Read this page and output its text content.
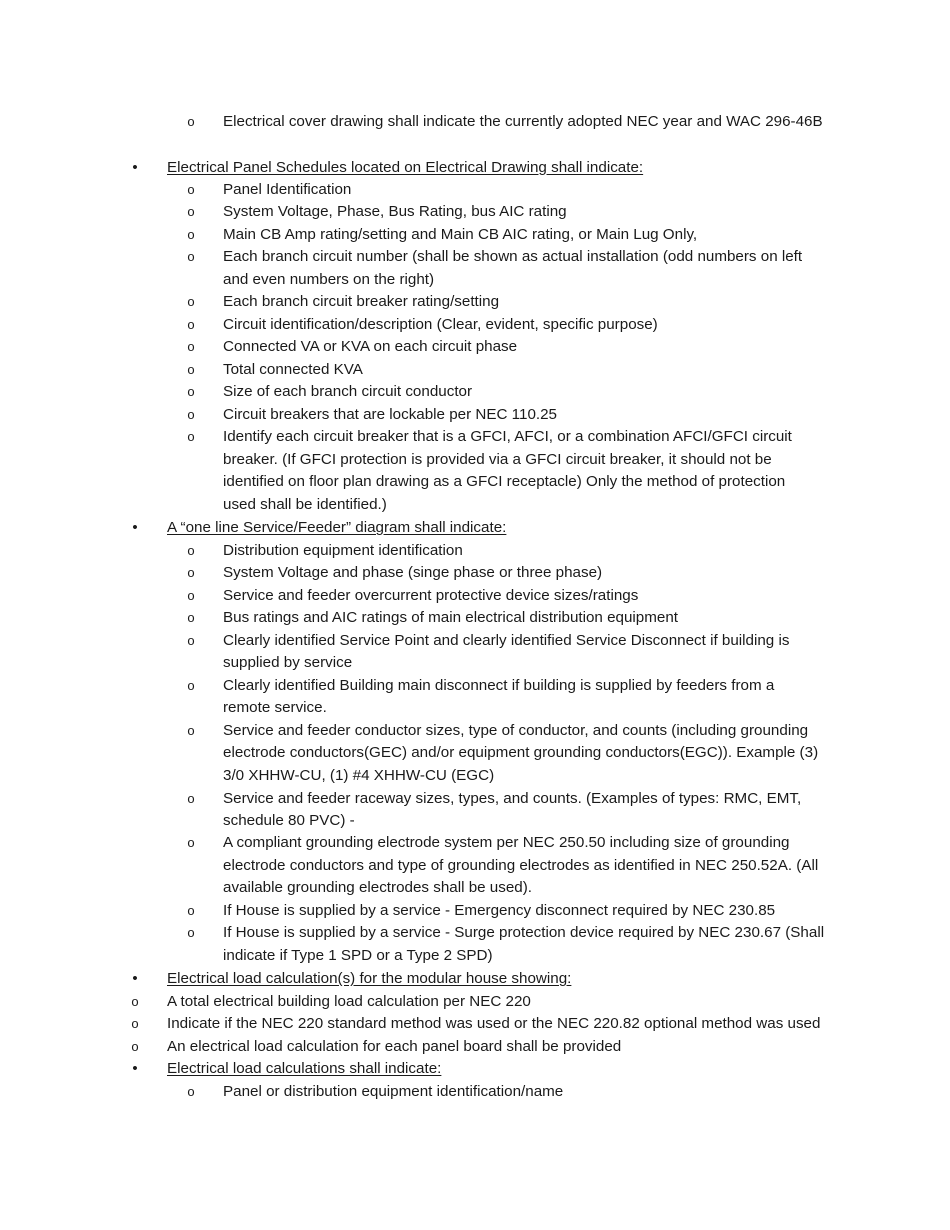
o	Electrical cover drawing shall indicate the currently adopted NEC year and WAC 296-46B
•	Electrical Panel Schedules located on Electrical Drawing shall indicate:
o	Panel Identification
o	System Voltage, Phase, Bus Rating, bus AIC rating
o	Main CB Amp rating/setting and Main CB AIC rating, or Main Lug Only,
o	Each branch circuit number (shall be shown as actual installation (odd numbers on left
and even numbers on the right)
o	Each branch circuit breaker rating/setting
o	Circuit identification/description (Clear, evident, specific purpose)
o	Connected VA or KVA on each circuit phase
o	Total connected KVA
o	Size of each branch circuit conductor
o	Circuit breakers that are lockable per NEC 110.25
o	Identify each circuit breaker that is a GFCI, AFCI, or a combination AFCI/GFCI circuit
breaker. (If GFCI protection is provided via a GFCI circuit breaker, it should not be
identified on floor plan drawing as a GFCI receptacle) Only the method of protection
used shall be identified.)
•	A “one line Service/Feeder” diagram shall indicate:
o	Distribution equipment identification
o	System Voltage and phase (singe phase or three phase)
o	Service and feeder overcurrent protective device sizes/ratings
o	Bus ratings and AIC ratings of main electrical distribution equipment
o	Clearly identified Service Point and clearly identified Service Disconnect if building is
supplied by service
o	Clearly identified Building main disconnect if building is supplied by feeders from a
remote service.
o	Service and feeder conductor sizes, type of conductor, and counts (including grounding
electrode conductors(GEC) and/or equipment grounding conductors(EGC)). Example (3)
3/0 XHHW-CU, (1) #4 XHHW-CU (EGC)
o	Service and feeder raceway sizes, types, and counts. (Examples of types: RMC, EMT,
schedule 80 PVC) -
o	A compliant grounding electrode system per NEC 250.50 including size of grounding
electrode conductors and type of grounding electrodes as identified in NEC 250.52A. (All
available grounding electrodes shall be used).
o	If House is supplied by a service - Emergency disconnect required by NEC 230.85
o	If House is supplied by a service - Surge protection device required by NEC 230.67 (Shall
indicate if Type 1 SPD or a Type 2 SPD)
•	Electrical load calculation(s) for the modular house showing:
o	A total electrical building load calculation per NEC 220
o	Indicate if the NEC 220 standard method was used or the NEC 220.82 optional method was used
o	An electrical load calculation for each panel board shall be provided
•	Electrical load calculations shall indicate:
o	Panel or distribution equipment identification/name
